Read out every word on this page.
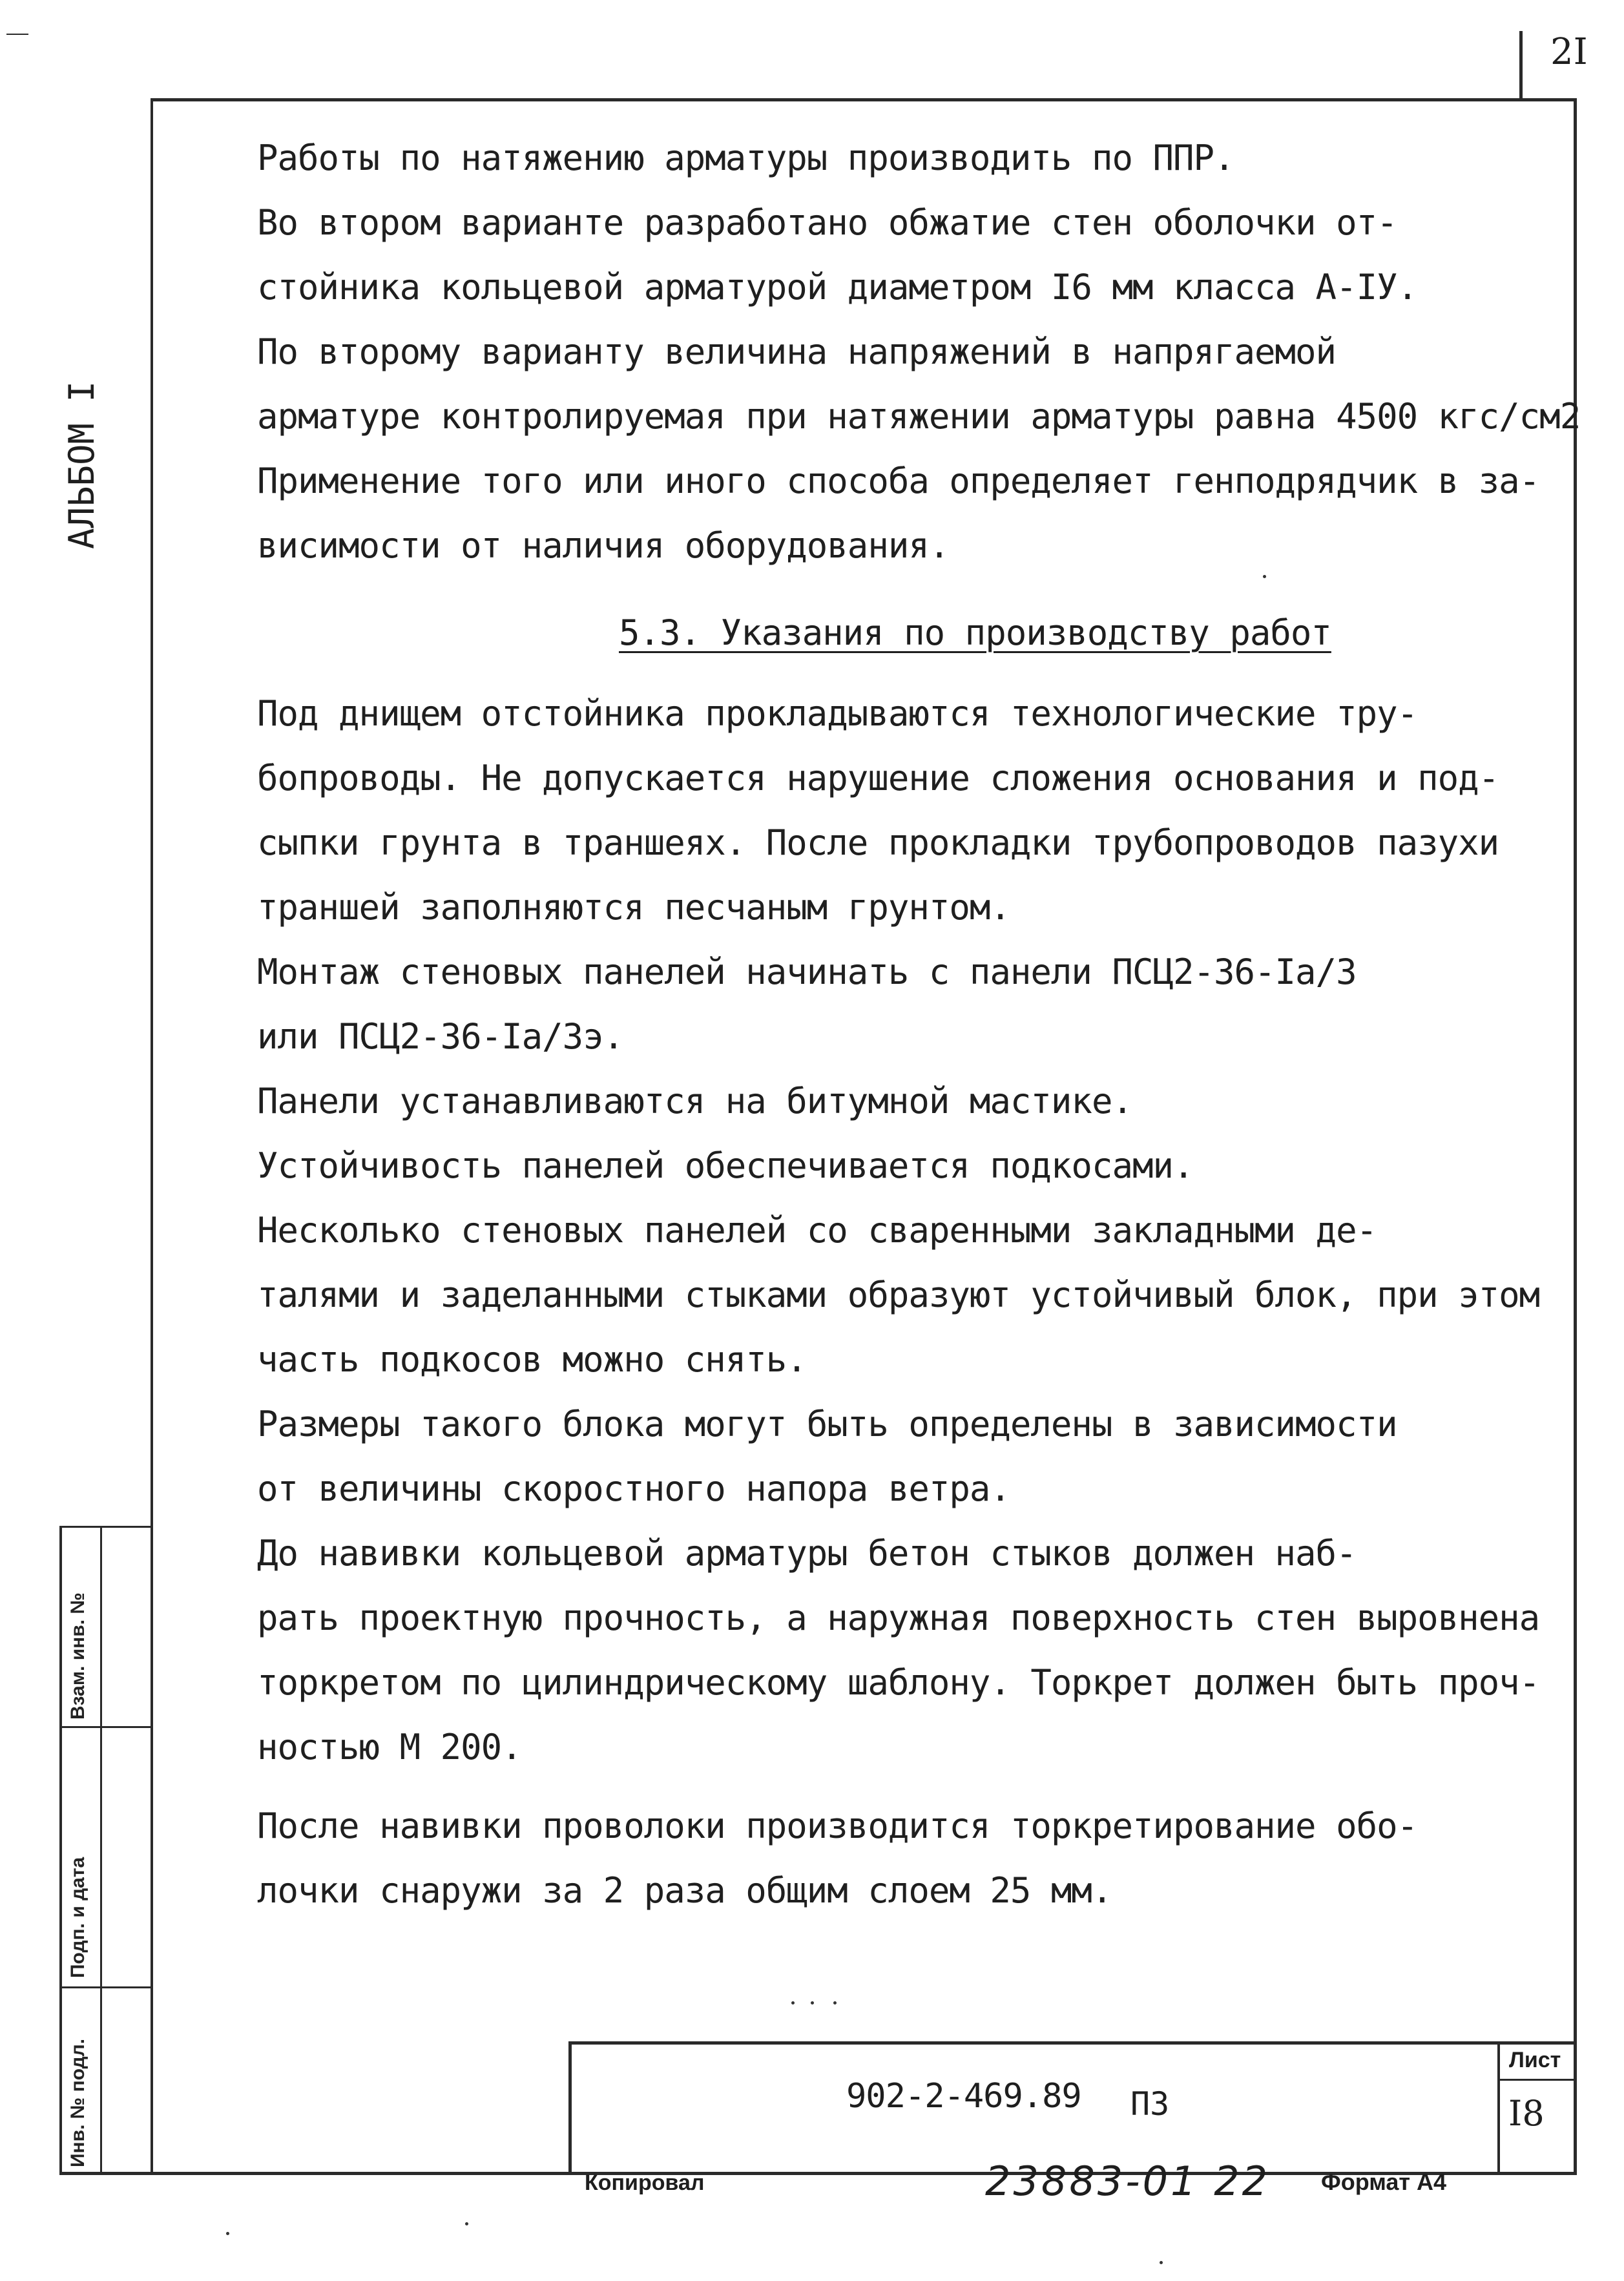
2I
АЛЬБОМ I
Взам. инв. №
Подп. и дата
Инв. № подл.
Работы по натяжению арматуры производить по ППР.
Во втором варианте разработано обжатие стен оболочки от-
стойника кольцевой арматурой диаметром I6 мм класса А-IУ.
По второму варианту величина напряжений в напрягаемой
арматуре контролируемая при натяжении арматуры равна 4500 кгс/см2
Применение того или иного способа определяет генподрядчик в за-
висимости от наличия оборудования.
5.3. Указания по производству работ
Под днищем отстойника прокладываются технологические тру-
бопроводы. Не допускается нарушение сложения основания и под-
сыпки грунта в траншеях. После прокладки трубопроводов пазухи
траншей заполняются песчаным грунтом.
Монтаж стеновых панелей начинать с панели ПСЦ2-36-Iа/3
или ПСЦ2-36-Iа/3э.
Панели устанавливаются на битумной мастике.
Устойчивость панелей обеспечивается подкосами.
Несколько стеновых панелей со сваренными закладными де-
талями и заделанными стыками образуют устойчивый блок, при этом
часть подкосов можно снять.
Размеры такого блока могут быть определены в зависимости
от величины скоростного напора ветра.
До навивки кольцевой арматуры бетон стыков должен наб-
рать проектную прочность, а наружная поверхность стен выровнена
торкретом по цилиндрическому шаблону. Торкрет должен быть проч-
ностью М 200.
После навивки проволоки производится торкретирование обо-
лочки снаружи за 2 раза общим слоем 25 мм.
902-2-469.89 ПЗ
Лист
I8
Копировал	23883-01 22 Формат А4
